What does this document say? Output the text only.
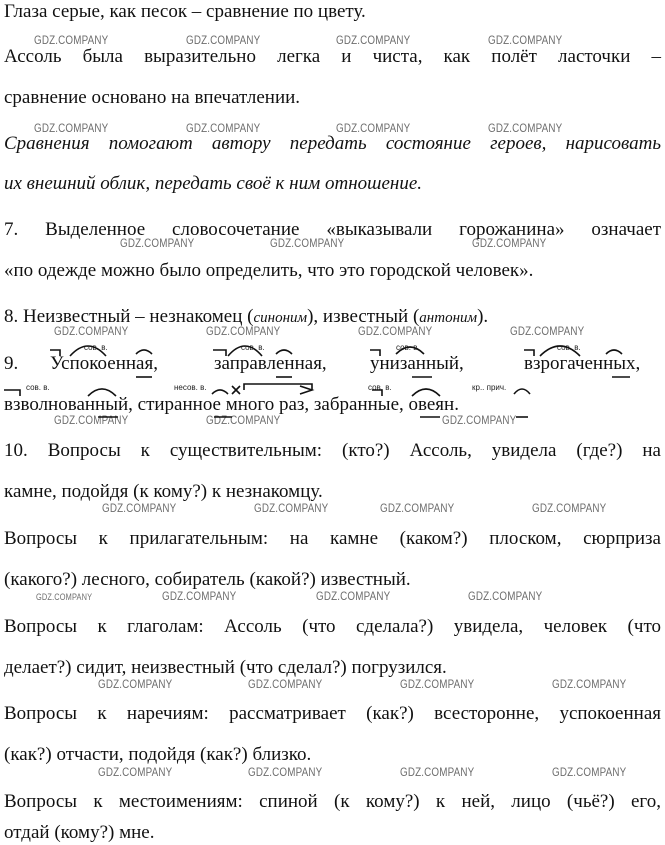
GDZ.COMPANY	GDZ.COMPANY	GDZ.COMPANY	GDZ.COMPANY
GDZ.COMPANY	GDZ.COMPANY	GDZ.COMPANY	GDZ.COMPANY
GDZ.COMPANY	GDZ.COMPANY	GDZ.COMPANY
GDZ.COMPANY	GDZ.COMPANY	GDZ.COMPANY	GDZ.COMPANY
GDZ.COMPANY	GDZ.COMPANY	GDZ.COMPANY
GDZ.COMPANY	GDZ.COMPANY	GDZ.COMPANY	GDZ.COMPANY
GDZ.COMPANY	GDZ.COMPANY	GDZ.COMPANY	GDZ.COMPANY
GDZ.COMPANY	GDZ.COMPANY	GDZ.COMPANY	GDZ.COMPANY
GDZ.COMPANY	GDZ.COMPANY	GDZ.COMPANY	GDZ.COMPANY
Глаза серые, как песок – сравнение по цвету.
Ассоль была выразительно легка и чиста, как полёт ласточки –
сравнение основано на впечатлении.
Сравнения помогают автору передать состояние героев, нарисовать
их внешний облик, передать своё к ним отношение.
7. Выделенное словосочетание «выказывали горожанина» означает
«по одежде можно было определить, что это городской человек».
8. Неизвестный – незнакомец (синоним), известный (антоним).
9. Успокоенная,	заправленная, унизанный,	взрогаченных,
взволнованный, стиранное много раз, забранные, овеян.
сов. в.	сов. в.	сов. в.	сов. в.
сов. в.	несов. в.	сов. в.	кр.. прич.
10. Вопросы к существительным: (кто?) Ассоль, увидела (где?) на
камне, подойдя (к кому?) к незнакомцу.
Вопросы к прилагательным: на камне (каком?) плоском, сюрприза
(какого?) лесного, собиратель (какой?) известный.
Вопросы к глаголам: Ассоль (что сделала?) увидела, человек (что
делает?) сидит, неизвестный (что сделал?) погрузился.
Вопросы к наречиям: рассматривает (как?) всесторонне, успокоенная
(как?) отчасти, подойдя (как?) близко.
Вопросы к местоимениям: спиной (к кому?) к ней, лицо (чьё?) его,
отдай (кому?) мне.
